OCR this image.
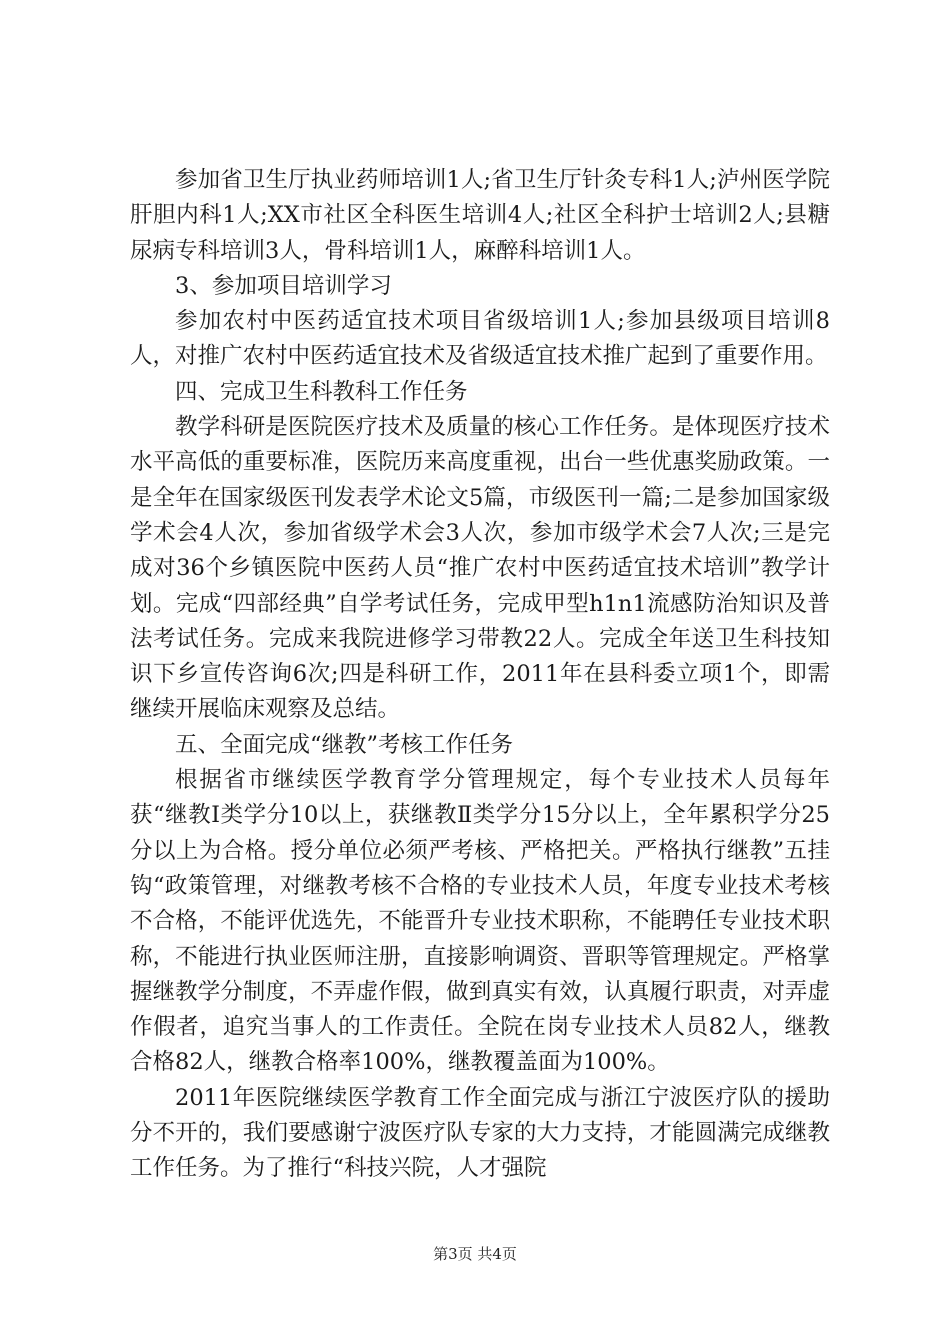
参加省卫生厅执业药师培训1人;省卫生厅针灸专科1人;泸州医学院肝胆内科1人;XX市社区全科医生培训4人;社区全科护士培训2人;县糖尿病专科培训3人，骨科培训1人，麻醉科培训1人。

3、参加项目培训学习

参加农村中医药适宜技术项目省级培训1人;参加县级项目培训8人，对推广农村中医药适宜技术及省级适宜技术推广起到了重要作用。

四、完成卫生科教科工作任务

教学科研是医院医疗技术及质量的核心工作任务。是体现医疗技术水平高低的重要标准，医院历来高度重视，出台一些优惠奖励政策。一是全年在国家级医刊发表学术论文5篇，市级医刊一篇;二是参加国家级学术会4人次，参加省级学术会3人次，参加市级学术会7人次;三是完成对36个乡镇医院中医药人员“推广农村中医药适宜技术培训”教学计划。完成“四部经典”自学考试任务，完成甲型h1n1流感防治知识及普法考试任务。完成来我院进修学习带教22人。完成全年送卫生科技知识下乡宣传咨询6次;四是科研工作，2011年在县科委立项1个，即需继续开展临床观察及总结。

五、全面完成“继教”考核工作任务

根据省市继续医学教育学分管理规定，每个专业技术人员每年获“继教Ⅰ类学分10以上，获继教Ⅱ类学分15分以上，全年累积学分25分以上为合格。授分单位必须严考核、严格把关。严格执行继教”五挂钩“政策管理，对继教考核不合格的专业技术人员，年度专业技术考核不合格，不能评优选先，不能晋升专业技术职称，不能聘任专业技术职称，不能进行执业医师注册，直接影响调资、晋职等管理规定。严格掌握继教学分制度，不弄虚作假，做到真实有效，认真履行职责，对弄虚作假者，追究当事人的工作责任。全院在岗专业技术人员82人，继教合格82人，继教合格率100%，继教覆盖面为100%。

2011年医院继续医学教育工作全面完成与浙江宁波医疗队的援助分不开的，我们要感谢宁波医疗队专家的大力支持，才能圆满完成继教工作任务。为了推行“科技兴院，人才强院

第3页 共4页
